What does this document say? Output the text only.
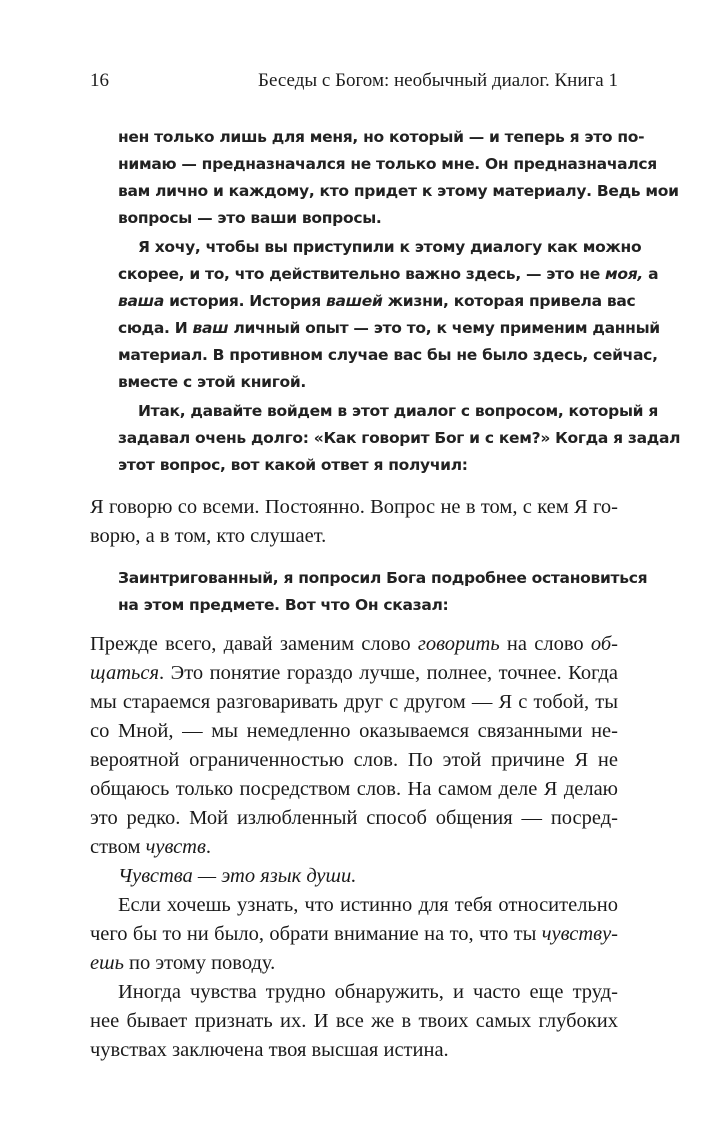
16	Беседы с Богом: необычный диалог. Книга 1
нен только лишь для меня, но который — и теперь я это по-
нимаю — предназначался не только мне. Он предназначался
вам лично и каждому, кто придет к этому материалу. Ведь мои
вопросы — это ваши вопросы.
Я хочу, чтобы вы приступили к этому диалогу как можно
скорее, и то, что действительно важно здесь, — это не моя, а
ваша история. История вашей жизни, которая привела вас
сюда. И ваш личный опыт — это то, к чему применим данный
материал. В противном случае вас бы не было здесь, сейчас,
вместе с этой книгой.
Итак, давайте войдем в этот диалог с вопросом, который я
задавал очень долго: «Как говорит Бог и с кем?» Когда я задал
этот вопрос, вот какой ответ я получил:
Я говорю со всеми. Постоянно. Вопрос не в том, с кем Я го-
ворю, а в том, кто слушает.
Заинтригованный, я попросил Бога подробнее остановиться
на этом предмете. Вот что Он сказал:
Прежде всего, давай заменим слово говорить на слово об-
щаться. Это понятие гораздо лучше, полнее, точнее. Когда
мы стараемся разговаривать друг с другом — Я с тобой, ты
со Мной, — мы немедленно оказываемся связанными не-
вероятной ограниченностью слов. По этой причине Я не
общаюсь только посредством слов. На самом деле Я делаю
это редко. Мой излюбленный способ общения — посред-
ством чувств.
Чувства — это язык души.
Если хочешь узнать, что истинно для тебя относительно
чего бы то ни было, обрати внимание на то, что ты чувству-
ешь по этому поводу.
Иногда чувства трудно обнаружить, и часто еще труд-
нее бывает признать их. И все же в твоих самых глубоких
чувствах заключена твоя высшая истина.
